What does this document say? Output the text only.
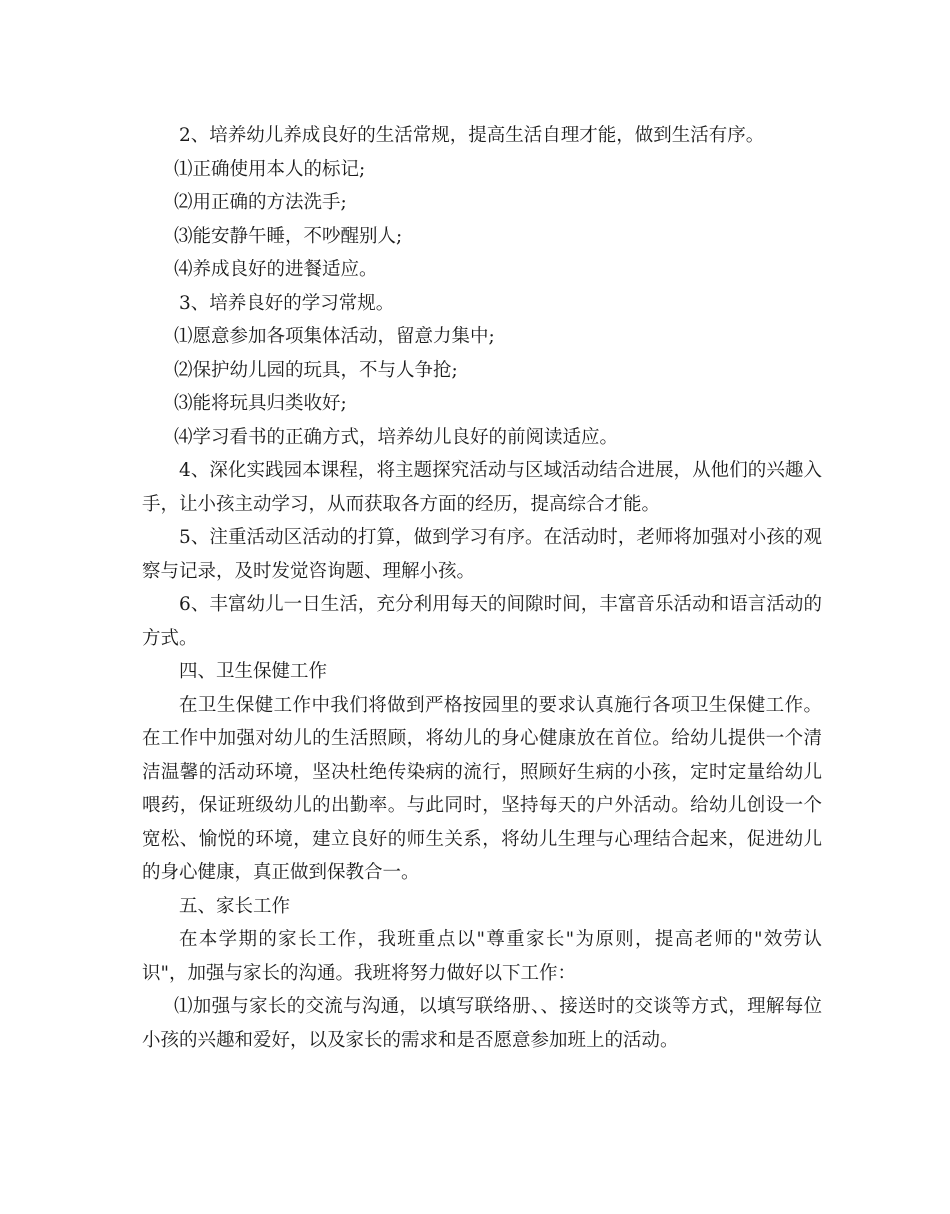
2、培养幼儿养成良好的生活常规，提高生活自理才能，做到生活有序。

⑴正确使用本人的标记;

⑵用正确的方法洗手;

⑶能安静午睡，不吵醒别人;

⑷养成良好的进餐适应。

3、培养良好的学习常规。

⑴愿意参加各项集体活动，留意力集中;

⑵保护幼儿园的玩具，不与人争抢;

⑶能将玩具归类收好;

⑷学习看书的正确方式，培养幼儿良好的前阅读适应。

4、深化实践园本课程，将主题探究活动与区域活动结合进展，从他们的兴趣入手，让小孩主动学习，从而获取各方面的经历，提高综合才能。

5、注重活动区活动的打算，做到学习有序。在活动时，老师将加强对小孩的观察与记录，及时发觉咨询题、理解小孩。

6、丰富幼儿一日生活，充分利用每天的间隙时间，丰富音乐活动和语言活动的方式。

四、卫生保健工作

在卫生保健工作中我们将做到严格按园里的要求认真施行各项卫生保健工作。在工作中加强对幼儿的生活照顾，将幼儿的身心健康放在首位。给幼儿提供一个清洁温馨的活动环境，坚决杜绝传染病的流行，照顾好生病的小孩，定时定量给幼儿喂药，保证班级幼儿的出勤率。与此同时，坚持每天的户外活动。给幼儿创设一个宽松、愉悦的环境，建立良好的师生关系，将幼儿生理与心理结合起来，促进幼儿的身心健康，真正做到保教合一。

五、家长工作

在本学期的家长工作，我班重点以"尊重家长"为原则，提高老师的"效劳认识"，加强与家长的沟通。我班将努力做好以下工作：

⑴加强与家长的交流与沟通，以填写联络册、、接送时的交谈等方式，理解每位小孩的兴趣和爱好，以及家长的需求和是否愿意参加班上的活动。
